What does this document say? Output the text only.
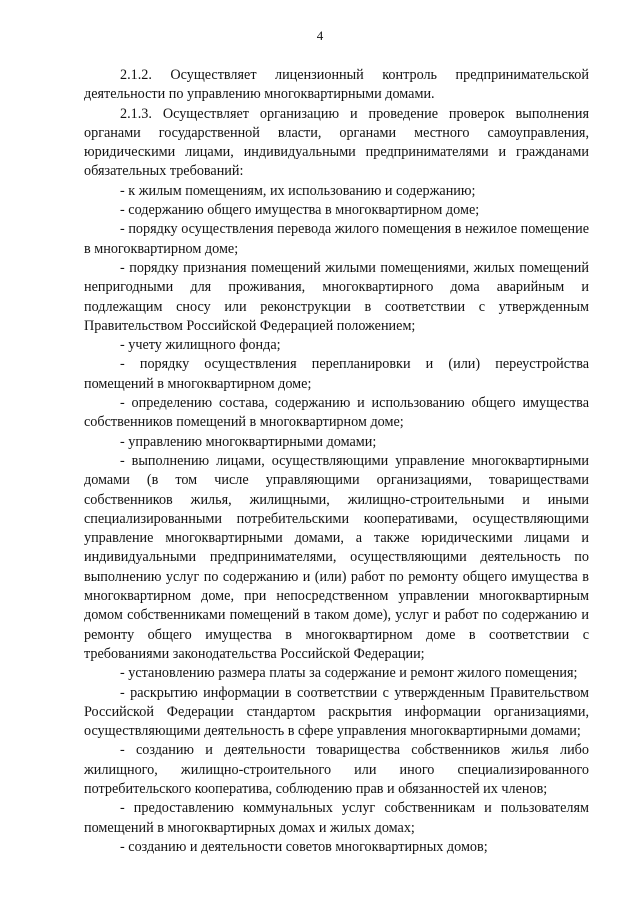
4

2.1.2. Осуществляет лицензионный контроль предпринимательской деятельности по управлению многоквартирными домами.

2.1.3. Осуществляет организацию и проведение проверок выполнения органами государственной власти, органами местного самоуправления, юридическими лицами, индивидуальными предпринимателями и гражданами обязательных требований:

- к жилым помещениям, их использованию и содержанию;

- содержанию общего имущества в многоквартирном доме;

- порядку осуществления перевода жилого помещения в нежилое помещение в многоквартирном доме;

- порядку признания помещений жилыми помещениями, жилых помещений непригодными для проживания, многоквартирного дома аварийным и подлежащим сносу или реконструкции в соответствии с утвержденным Правительством Российской Федерацией положением;

- учету жилищного фонда;

- порядку осуществления перепланировки и (или) переустройства помещений в многоквартирном доме;

- определению состава, содержанию и использованию общего имущества собственников помещений в многоквартирном доме;

- управлению многоквартирными домами;

- выполнению лицами, осуществляющими управление многоквартирными домами (в том числе управляющими организациями, товариществами собственников жилья, жилищными, жилищно-строительными и иными специализированными потребительскими кооперативами, осуществляющими управление многоквартирными домами, а также юридическими лицами и индивидуальными предпринимателями, осуществляющими деятельность по выполнению услуг по содержанию и (или) работ по ремонту общего имущества в многоквартирном доме, при непосредственном управлении многоквартирным домом собственниками помещений в таком доме), услуг и работ по содержанию и ремонту общего имущества в многоквартирном доме в соответствии с требованиями законодательства Российской Федерации;

- установлению размера платы за содержание и ремонт жилого помещения;

- раскрытию информации в соответствии с утвержденным Правительством Российской Федерации стандартом раскрытия информации организациями, осуществляющими деятельность в сфере управления многоквартирными домами;

- созданию и деятельности товарищества собственников жилья либо жилищного, жилищно-строительного или иного специализированного потребительского кооператива, соблюдению прав и обязанностей их членов;

- предоставлению коммунальных услуг собственникам и пользователям помещений в многоквартирных домах и жилых домах;

- созданию и деятельности советов многоквартирных домов;
